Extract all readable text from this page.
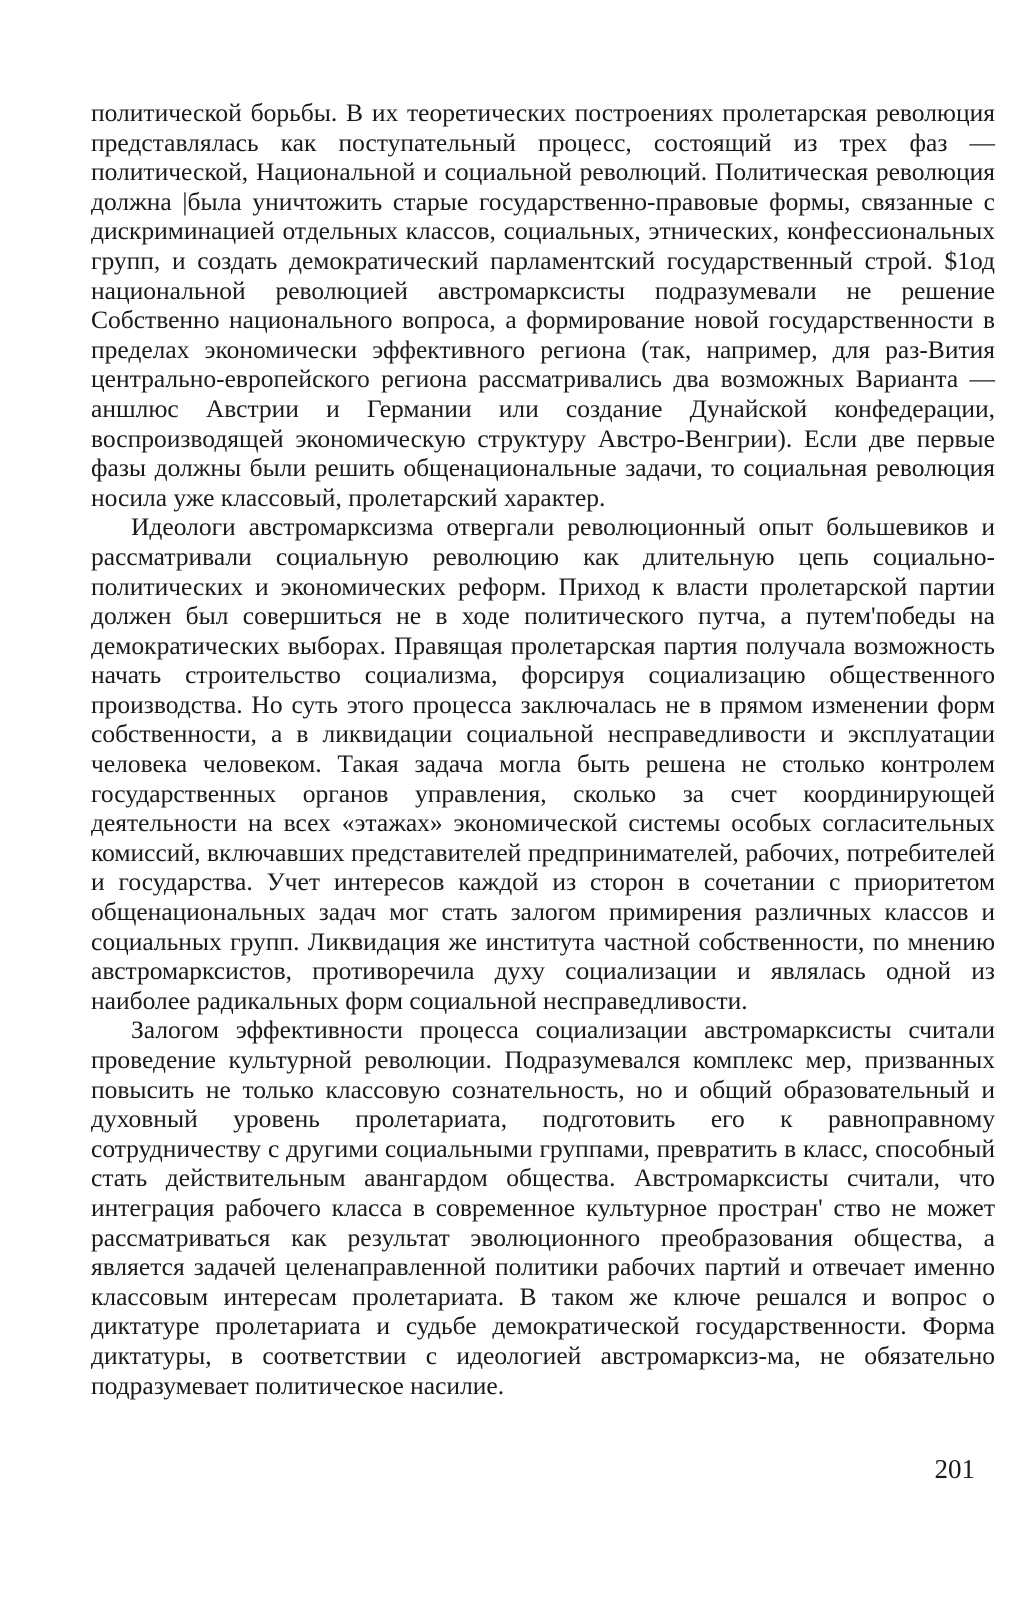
политической борьбы. В их теоретических построениях пролетарская революция представлялась как поступательный процесс, состоящий из трех фаз — политической, Национальной и социальной революций. Политическая революция должна |была уничтожить старые государственно-правовые формы, связанные с дискриминацией отдельных классов, социальных, этнических, конфессиональных групп, и создать демократический парламентский государственный строй. $1од национальной революцией австромарксисты подразумевали не решение Собственно национального вопроса, а формирование новой государственности в пределах экономически эффективного региона (так, например, для раз-Вития центрально-европейского региона рассматривались два возможных Варианта — аншлюс Австрии и Германии или создание Дунайской конфедерации, воспроизводящей экономическую структуру Австро-Венгрии). Если две первые фазы должны были решить общенациональные задачи, то социальная революция носила уже классовый, пролетарский характер.

Идеологи австромарксизма отвергали революционный опыт большевиков и рассматривали социальную революцию как длительную цепь социально-политических и экономических реформ. Приход к власти пролетарской партии должен был совершиться не в ходе политического путча, а путем'победы на демократических выборах. Правящая пролетарская партия получала возможность начать строительство социализма, форсируя социализацию общественного производства. Но суть этого процесса заключалась не в прямом изменении форм собственности, а в ликвидации социальной несправедливости и эксплуатации человека человеком. Такая задача могла быть решена не столько контролем государственных органов управления, сколько за счет координирующей деятельности на всех «этажах» экономической системы особых согласительных комиссий, включавших представителей предпринимателей, рабочих, потребителей и государства. Учет интересов каждой из сторон в сочетании с приоритетом общенациональных задач мог стать залогом примирения различных классов и социальных групп. Ликвидация же института частной собственности, по мнению австромарксистов, противоречила духу социализации и являлась одной из наиболее радикальных форм социальной несправедливости.

Залогом эффективности процесса социализации австромарксисты считали проведение культурной революции. Подразумевался комплекс мер, призванных повысить не только классовую сознательность, но и общий образовательный и духовный уровень пролетариата, подготовить его к равноправному сотрудничеству с другими социальными группами, превратить в класс, способный стать действительным авангардом общества. Австромарксисты считали, что интеграция рабочего класса в современное культурное простран' ство не может рассматриваться как результат эволюционного преобразования общества, а является задачей целенаправленной политики рабочих партий и отвечает именно классовым интересам пролетариата. В таком же ключе решался и вопрос о диктатуре пролетариата и судьбе демократической государственности. Форма диктатуры, в соответствии с идеологией австромарксиз-ма, не обязательно подразумевает политическое насилие.

201
